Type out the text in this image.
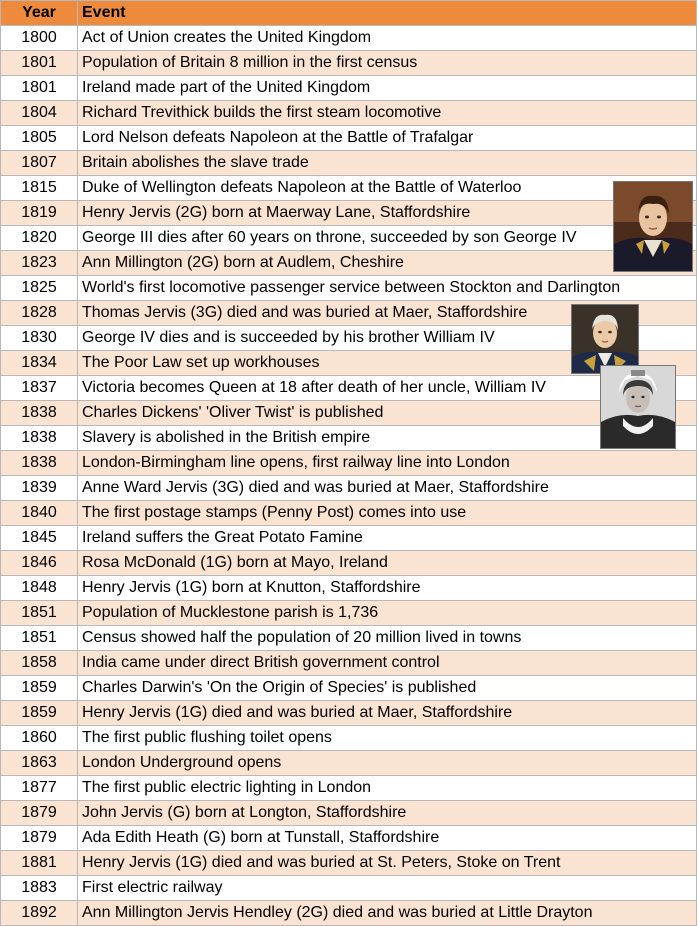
Year	Event
1800	Act of Union creates the United Kingdom
1801	Population of Britain 8 million in the first census
1801	Ireland made part of the United Kingdom
1804	Richard Trevithick builds the first steam locomotive
1805	Lord Nelson defeats Napoleon at the Battle of Trafalgar
1807	Britain abolishes the slave trade
1815	Duke of Wellington defeats Napoleon at the Battle of Waterloo
1819	Henry Jervis (2G) born at Maerway Lane, Staffordshire
1820	George III dies after 60 years on throne, succeeded by son George IV
1823	Ann Millington (2G) born at Audlem, Cheshire
1825	World's first locomotive passenger service between Stockton and Darlington
1828	Thomas Jervis (3G) died and was buried at Maer, Staffordshire
1830	George IV dies and is succeeded by his brother William IV
1834	The Poor Law set up workhouses
1837	Victoria becomes Queen at 18 after death of her uncle, William IV
1838	Charles Dickens' 'Oliver Twist' is published
1838	Slavery is abolished in the British empire
1838	London-Birmingham line opens, first railway line into London
1839	Anne Ward Jervis (3G) died and was buried at Maer, Staffordshire
1840	The first postage stamps (Penny Post) comes into use
1845	Ireland suffers the Great Potato Famine
1846	Rosa McDonald (1G) born at Mayo, Ireland
1848	Henry Jervis (1G) born at Knutton, Staffordshire
1851	Population of Mucklestone parish is 1,736
1851	Census showed half the population of 20 million lived in towns
1858	India came under direct British government control
1859	Charles Darwin's 'On the Origin of Species' is published
1859	Henry Jervis (1G) died and was buried at Maer, Staffordshire
1860	The first public flushing toilet opens
1863	London Underground opens
1877	The first public electric lighting in London
1879	John Jervis (G) born at Longton, Staffordshire
1879	Ada Edith Heath (G) born at Tunstall, Staffordshire
1881	Henry Jervis (1G) died and was buried at St. Peters, Stoke on Trent
1883	First electric railway
1892	Ann Millington Jervis Hendley (2G) died and was buried at Little Drayton
